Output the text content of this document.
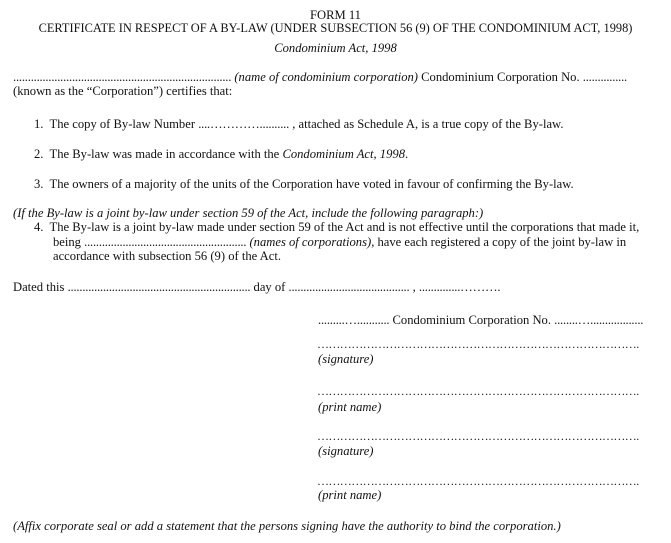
FORM 11
CERTIFICATE IN RESPECT OF A BY-LAW (UNDER SUBSECTION 56 (9) OF THE CONDOMINIUM ACT, 1998)
Condominium Act, 1998
.......................................................................... (name of condominium corporation) Condominium Corporation No. ...............
(known as the “Corporation”) certifies that:
1. The copy of By-law Number ....………….......... , attached as Schedule A, is a true copy of the By-law.
2. The By-law was made in accordance with the Condominium Act, 1998.
3. The owners of a majority of the units of the Corporation have voted in favour of confirming the By-law.
(If the By-law is a joint by-law under section 59 of the Act, include the following paragraph:)
4. The By-law is a joint by-law made under section 59 of the Act and is not effective until the corporations that made it,
being ....................................................... (names of corporations), have each registered a copy of the joint by-law in
accordance with subsection 56 (9) of the Act.
Dated this .............................................................. day of ......................................... , ..............……….
.........…........... Condominium Corporation No. ........…..................
………………………………………………………………………….
(signature)
………………………………………………………………………….
(print name)
………………………………………………………………………….
(signature)
………………………………………………………………………….
(print name)
(Affix corporate seal or add a statement that the persons signing have the authority to bind the corporation.)
